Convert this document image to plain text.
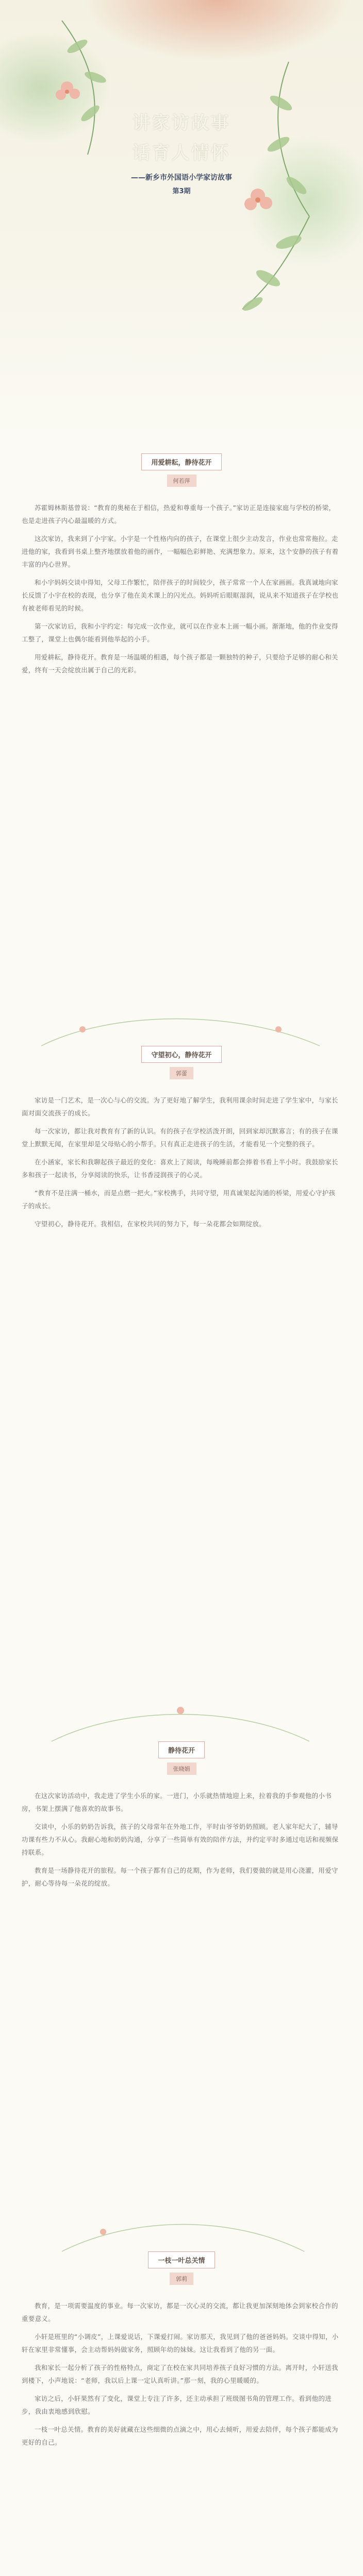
讲家访故事
话育人情怀
——新乡市外国语小学家访故事
第3期
用爱耕耘，静待花开
何若萍

苏霍姆林斯基曾说：“教育的奥秘在于相信，热爱和尊重每一个孩子。”家访正是连接家庭与学校的桥梁，也是走进孩子内心最温暖的方式。

这次家访，我来到了小宇家。小宇是一个性格内向的孩子，在课堂上很少主动发言，作业也常常拖拉。走进他的家，我看到书桌上整齐地摆放着他的画作，一幅幅色彩鲜艳、充满想象力。原来，这个安静的孩子有着丰富的内心世界。

和小宇妈妈交谈中得知，父母工作繁忙，陪伴孩子的时间较少，孩子常常一个人在家画画。我真诚地向家长反馈了小宇在校的表现，也分享了他在美术课上的闪光点。妈妈听后眼眶湿润，说从来不知道孩子在学校也有被老师看见的时候。

第一次家访后，我和小宇约定：每完成一次作业，就可以在作业本上画一幅小画。渐渐地，他的作业变得工整了，课堂上也偶尔能看到他举起的小手。

用爱耕耘，静待花开。教育是一场温暖的相遇，每个孩子都是一颗独特的种子，只要给予足够的耐心和关爱，终有一天会绽放出属于自己的光彩。

守望初心，静待花开
郭蕾

家访是一门艺术，是一次心与心的交流。为了更好地了解学生，我利用课余时间走进了学生家中，与家长面对面交流孩子的成长。

每一次家访，都让我对教育有了新的认识。有的孩子在学校活泼开朗，回到家却沉默寡言；有的孩子在课堂上默默无闻，在家里却是父母贴心的小帮手。只有真正走进孩子的生活，才能看见一个完整的孩子。

在小涵家，家长和我聊起孩子最近的变化：喜欢上了阅读，每晚睡前都会捧着书看上半小时。我鼓励家长多和孩子一起读书，分享阅读的快乐，让书香浸润孩子的心灵。

“教育不是注满一桶水，而是点燃一把火。”家校携手，共同守望，用真诚架起沟通的桥梁，用爱心守护孩子的成长。

守望初心，静待花开。我相信，在家校共同的努力下，每一朵花都会如期绽放。

静待花开
张晓娟

在这次家访活动中，我走进了学生小乐的家。一进门，小乐就热情地迎上来，拉着我的手参观他的小书房，书架上摆满了他喜欢的故事书。

交谈中，小乐的奶奶告诉我，孩子的父母常年在外地工作，平时由爷爷奶奶照顾。老人家年纪大了，辅导功课有些力不从心。我耐心地和奶奶沟通，分享了一些简单有效的陪伴方法，并约定平时多通过电话和视频保持联系。

教育是一场静待花开的旅程。每一个孩子都有自己的花期，作为老师，我们要做的就是用心浇灌，用爱守护，耐心等待每一朵花的绽放。

一枝一叶总关情
郭莉

教育，是一项需要温度的事业。每一次家访，都是一次心灵的交流，都让我更加深刻地体会到家校合作的重要意义。

小轩是班里的“小调皮”，上课爱说话，下课爱打闹。家访那天，我见到了他的爸爸妈妈。交谈中得知，小轩在家里非常懂事，会主动帮妈妈做家务，照顾年幼的妹妹。这让我看到了他的另一面。

我和家长一起分析了孩子的性格特点，商定了在校在家共同培养孩子良好习惯的方法。离开时，小轩送我到楼下，小声地说：“老师，我以后上课一定认真听讲。”那一刻，我的心里暖暖的。

家访之后，小轩果然有了变化，课堂上专注了许多，还主动承担了班级图书角的管理工作。看到他的进步，我由衷地感到欣慰。

一枝一叶总关情。教育的美好就藏在这些细微的点滴之中，用心去倾听，用爱去陪伴，每个孩子都能成为更好的自己。
